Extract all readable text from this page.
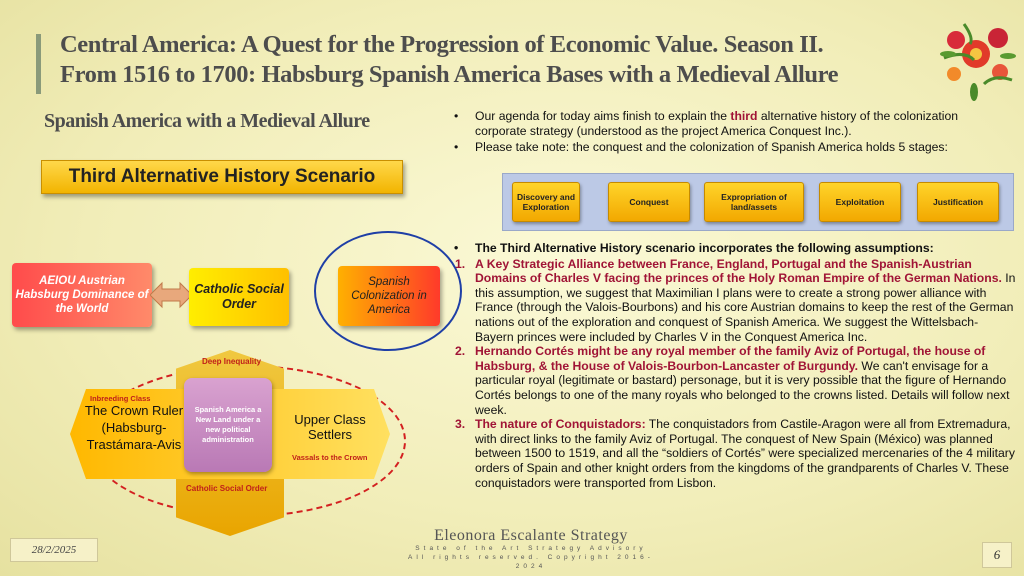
Central America: A Quest for the Progression of Economic Value. Season II.
From 1516 to 1700: Habsburg Spanish America Bases with a Medieval Allure
Spanish America with a Medieval Allure
Third Alternative History Scenario
AEIOU Austrian Habsburg Dominance of the World
Catholic Social Order
Spanish Colonization in America
Deep Inequality
Inbreeding Class
The Crown Ruler
(Habsburg-Trastámara-Avis
Spanish America a New Land under a new political administration
Upper Class Settlers
Vassals to the Crown
Catholic Social Order
• Our agenda for today aims finish to explain the third alternative history of the colonization corporate strategy (understood as the project America Conquest Inc.).
• Please take note: the conquest and the colonization of Spanish America holds 5 stages:
Discovery and Exploration	Conquest	Expropriation of land/assets	Exploitation	Justification
• The Third Alternative History scenario incorporates the following assumptions:
1. A Key Strategic Alliance between France, England, Portugal and the Spanish-Austrian Domains of Charles V facing the princes of the Holy Roman Empire of the German Nations. In this assumption, we suggest that Maximilian I plans were to create a strong power alliance with France (through the Valois-Bourbons) and his core Austrian domains to keep the rest of the German nations out of the exploration and conquest of Spanish America. We suggest the Wittelsbach-Bayern princes were included by Charles V in the Conquest America Inc.
2. Hernando Cortés might be any royal member of the family Aviz of Portugal, the house of Habsburg, & the House of Valois-Bourbon-Lancaster of Burgundy. We can't envisage for a particular royal (legitimate or bastard) personage, but it is very possible that the figure of Hernando Cortés belongs to one of the many royals who belonged to the crowns listed. Details will follow next week.
3. The nature of Conquistadors: The conquistadors from Castile-Aragon were all from Extremadura, with direct links to the family Aviz of Portugal. The conquest of New Spain (México) was planned between 1500 to 1519, and all the “soldiers of Cortés” were specialized mercenaries of the 4 military orders of Spain and other knight orders from the kingdoms of the grandparents of Charles V. These conquistadors were transported from Lisbon.
Eleonora Escalante Strategy
State of the Art Strategy Advisory
All rights reserved. Copyright 2016-2024
28/2/2025	6
